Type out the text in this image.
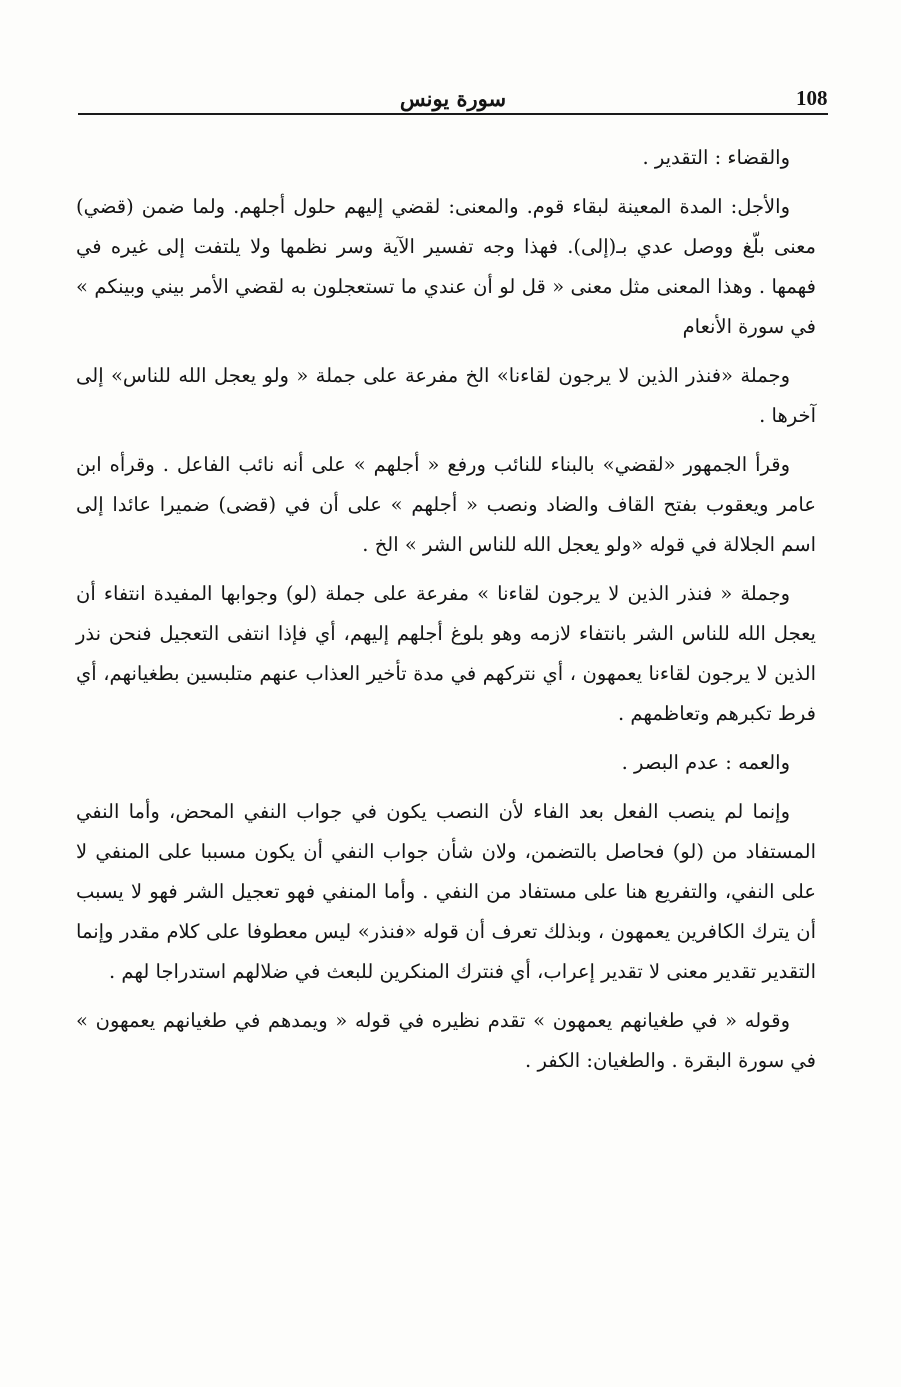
108
سورة يونس

والقضاء : التقدير .

والأجل: المدة المعينة لبقاء قوم. والمعنى: لقضي إليهم حلول أجلهم. ولما ضمن (قضي) معنى بلّغ ووصل عدي بـ(إلى). فهذا وجه تفسير الآية وسر نظمها ولا يلتفت إلى غيره في فهمها . وهذا المعنى مثل معنى « قل لو أن عندي ما تستعجلون به لقضي الأمر بيني وبينكم » في سورة الأنعام

وجملة «فنذر الذين لا يرجون لقاءنا» الخ مفرعة على جملة « ولو يعجل الله للناس» إلى آخرها .

وقرأ الجمهور «لقضي» بالبناء للنائب ورفع « أجلهم » على أنه نائب الفاعل . وقرأه ابن عامر ويعقوب بفتح القاف والضاد ونصب « أجلهم » على أن في (قضى) ضميرا عائدا إلى اسم الجلالة في قوله «ولو يعجل الله للناس الشر » الخ .

وجملة « فنذر الذين لا يرجون لقاءنا » مفرعة على جملة (لو) وجوابها المفيدة انتفاء أن يعجل الله للناس الشر بانتفاء لازمه وهو بلوغ أجلهم إليهم، أي فإذا انتفى التعجيل فنحن نذر الذين لا يرجون لقاءنا يعمهون ، أي نتركهم في مدة تأخير العذاب عنهم متلبسين بطغيانهم، أي فرط تكبرهم وتعاظمهم .

والعمه : عدم البصر .

وإنما لم ينصب الفعل بعد الفاء لأن النصب يكون في جواب النفي المحض، وأما النفي المستفاد من (لو) فحاصل بالتضمن، ولان شأن جواب النفي أن يكون مسببا على المنفي لا على النفي، والتفريع هنا على مستفاد من النفي . وأما المنفي فهو تعجيل الشر فهو لا يسبب أن يترك الكافرين يعمهون ، وبذلك تعرف أن قوله «فنذر» ليس معطوفا على كلام مقدر وإنما التقدير تقدير معنى لا تقدير إعراب، أي فنترك المنكرين للبعث في ضلالهم استدراجا لهم .

وقوله « في طغيانهم يعمهون » تقدم نظيره في قوله « ويمدهم في طغيانهم يعمهون » في سورة البقرة . والطغيان: الكفر .
